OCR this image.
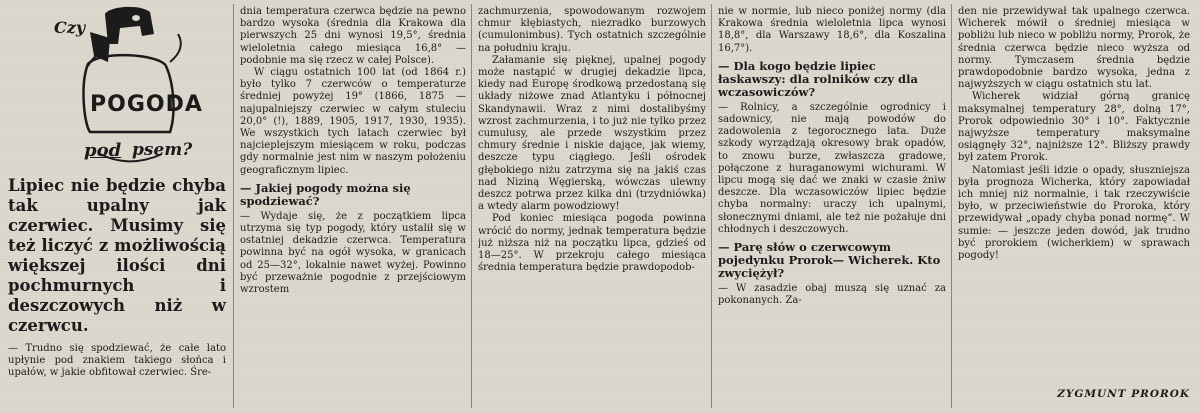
Czy
POGODA
pod psem?
Lipiec nie będzie chyba tak upalny jak czerwiec. Musimy się też liczyć z możliwością większej ilości dni pochmurnych i deszczowych niż w czerwcu.
— Trudno się spodziewać, że całe lato upłynie pod znakiem takiego słońca i upałów, w jakie obfitował czerwiec. Śre-

dnia temperatura czerwca będzie na pewno bardzo wysoka (średnia dla Krakowa dla pierwszych 25 dni wynosi 19,5°, średnia wieloletnia całego miesiąca 16,8° — podobnie ma się rzecz w całej Polsce).

W ciągu ostatnich 100 lat (od 1864 r.) było tylko 7 czerwców o temperaturze średniej powyżej 19° (1866, 1875 — najupalniejszy czerwiec w całym stuleciu 20,0° (!), 1889, 1905, 1917, 1930, 1935). We wszystkich tych latach czerwiec był najcieplejszym miesiącem w roku, podczas gdy normalnie jest nim w naszym położeniu geograficznym lipiec.

— Jakiej pogody można się spodziewać?

— Wydaje się, że z początkiem lipca utrzyma się typ pogody, który ustalił się w ostatniej dekadzie czerwca. Temperatura powinna być na ogół wysoka, w granicach od 25—32°, lokalnie nawet wyżej. Powinno być przeważnie pogodnie z przejściowym wzrostem

zachmurzenia, spowodowanym rozwojem chmur kłębiastych, niezradko burzowych (cumulonimbus). Tych ostatnich szczególnie na południu kraju.

Załamanie się pięknej, upalnej pogody może nastąpić w drugiej dekadzie lipca, kiedy nad Europę środkową przedostaną się układy niżowe znad Atlantyku i północnej Skandynawii. Wraz z nimi dostalibyśmy wzrost zachmurzenia, i to już nie tylko przez cumulusy, ale przede wszystkim przez chmury średnie i niskie dające, jak wiemy, deszcze typu ciągłego. Jeśli ośrodek głębokiego niżu zatrzyma się na jakiś czas nad Niziną Węgierską, wówczas ulewny deszcz potrwa przez kilka dni (trzydniówka) a wtedy alarm powodziowy!

Pod koniec miesiąca pogoda powinna wrócić do normy, jednak temperatura będzie już niższa niż na początku lipca, gdzieś od 18—25°. W przekroju całego miesiąca średnia temperatura będzie prawdopodob-

nie w normie, lub nieco poniżej normy (dla Krakowa średnia wieloletnia lipca wynosi 18,8°, dla Warszawy 18,6°, dla Koszalina 16,7°).

— Dla kogo będzie lipiec łaskawszy: dla rolników czy dla wczasowiczów?

— Rolnicy, a szczególnie ogrodnicy i sadownicy, nie mają powodów do zadowolenia z tegorocznego lata. Duże szkody wyrządzają okresowy brak opadów, to znowu burze, zwłaszcza gradowe, połączone z huraganowymi wichurami. W lipcu mogą się dać we znaki w czasie żniw deszcze. Dla wczasowiczów lipiec będzie chyba normalny: uraczy ich upalnymi, słonecznymi dniami, ale też nie pożałuje dni chłodnych i deszczowych.

— Parę słów o czerwcowym pojedynku Prorok— Wicherek. Kto zwyciężył?

— W zasadzie obaj muszą się uznać za pokonanych. Za-

den nie przewidywał tak upalnego czerwca. Wicherek mówił o średniej miesiąca w pobliżu lub nieco w pobliżu normy, Prorok, że średnia czerwca będzie nieco wyższa od normy. Tymczasem średnia będzie prawdopodobnie bardzo wysoka, jedna z najwyższych w ciągu ostatnich stu lat.

Wicherek widział górną granicę maksymalnej temperatury 28°, dolną 17°, Prorok odpowiednio 30° i 10°. Faktycznie najwyższe temperatury maksymalne osiągnęły 32°, najniższe 12°. Bliższy prawdy był zatem Prorok.

Natomiast jeśli idzie o opady, słuszniejsza była prognoza Wicherka, który zapowiadał ich mniej niż normalnie, i tak rzeczywiście było, w przeciwieństwie do Proroka, który przewidywał „opady chyba ponad normę”. W sumie: — jeszcze jeden dowód, jak trudno być prorokiem (wicherkiem) w sprawach pogody!

ZYGMUNT PROROK
